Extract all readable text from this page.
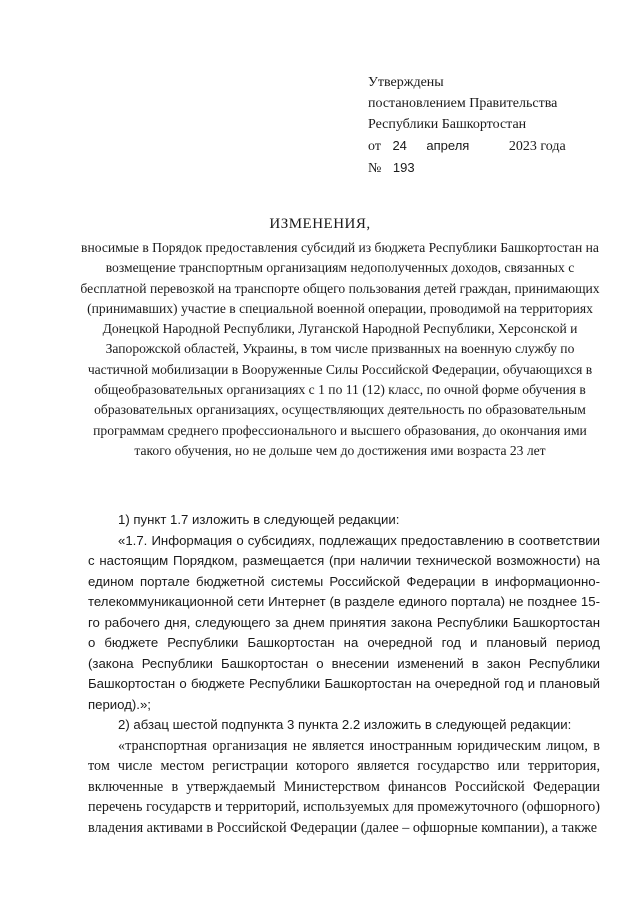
Утверждены
постановлением Правительства
Республики Башкортостан
от 24 апреля	2023 года
№ 193
ИЗМЕНЕНИЯ,
вносимые в Порядок предоставления субсидий из бюджета Республики Башкортостан на возмещение транспортным организациям недополученных доходов, связанных с бесплатной перевозкой на транспорте общего пользования детей граждан, принимающих (принимавших) участие в специальной военной операции, проводимой на территориях Донецкой Народной Республики, Луганской Народной Республики, Херсонской и Запорожской областей, Украины, в том числе призванных на военную службу по частичной мобилизации в Вооруженные Силы Российской Федерации, обучающихся в общеобразовательных организациях с 1 по 11 (12) класс, по очной форме обучения в образовательных организациях, осуществляющих деятельность по образовательным программам среднего профессионального и высшего образования, до окончания ими такого обучения, но не дольше чем до достижения ими возраста 23 лет

1) пункт 1.7 изложить в следующей редакции:

«1.7. Информация о субсидиях, подлежащих предоставлению в соответствии с настоящим Порядком, размещается (при наличии технической возможности) на едином портале бюджетной системы Российской Федерации в информационно-телекоммуникационной сети Интернет (в разделе единого портала) не позднее 15-го рабочего дня, следующего за днем принятия закона Республики Башкортостан о бюджете Республики Башкортостан на очередной год и плановый период (закона Республики Башкортостан о внесении изменений в закон Республики Башкортостан о бюджете Республики Башкортостан на очередной год и плановый период).»;

2) абзац шестой подпункта 3 пункта 2.2 изложить в следующей редакции:

«транспортная организация не является иностранным юридическим лицом, в том числе местом регистрации которого является государство или территория, включенные в утверждаемый Министерством финансов Российской Федерации перечень государств и территорий, используемых для промежуточного (офшорного) владения активами в Российской Федерации (далее – офшорные компании), а также
